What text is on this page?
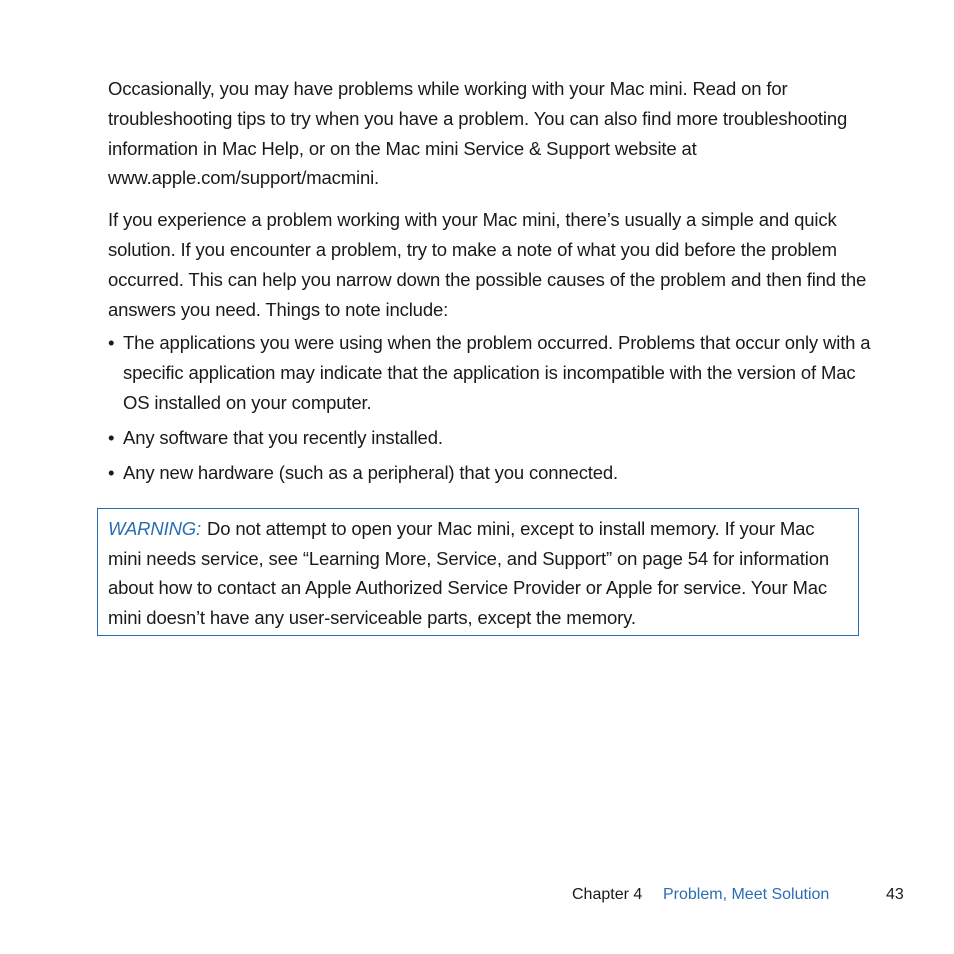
Occasionally, you may have problems while working with your Mac mini. Read on for troubleshooting tips to try when you have a problem. You can also find more troubleshooting information in Mac Help, or on the Mac mini Service & Support website at www.apple.com/support/macmini.

If you experience a problem working with your Mac mini, there’s usually a simple and quick solution. If you encounter a problem, try to make a note of what you did before the problem occurred. This can help you narrow down the possible causes of the problem and then find the answers you need. Things to note include:

• The applications you were using when the problem occurred. Problems that occur only with a specific application may indicate that the application is incompatible with the version of Mac OS installed on your computer.
• Any software that you recently installed.
• Any new hardware (such as a peripheral) that you connected.

WARNING: Do not attempt to open your Mac mini, except to install memory. If your Mac mini needs service, see “Learning More, Service, and Support” on page 54 for information about how to contact an Apple Authorized Service Provider or Apple for service. Your Mac mini doesn’t have any user-serviceable parts, except the memory.

Chapter 4 Problem, Meet Solution	43
